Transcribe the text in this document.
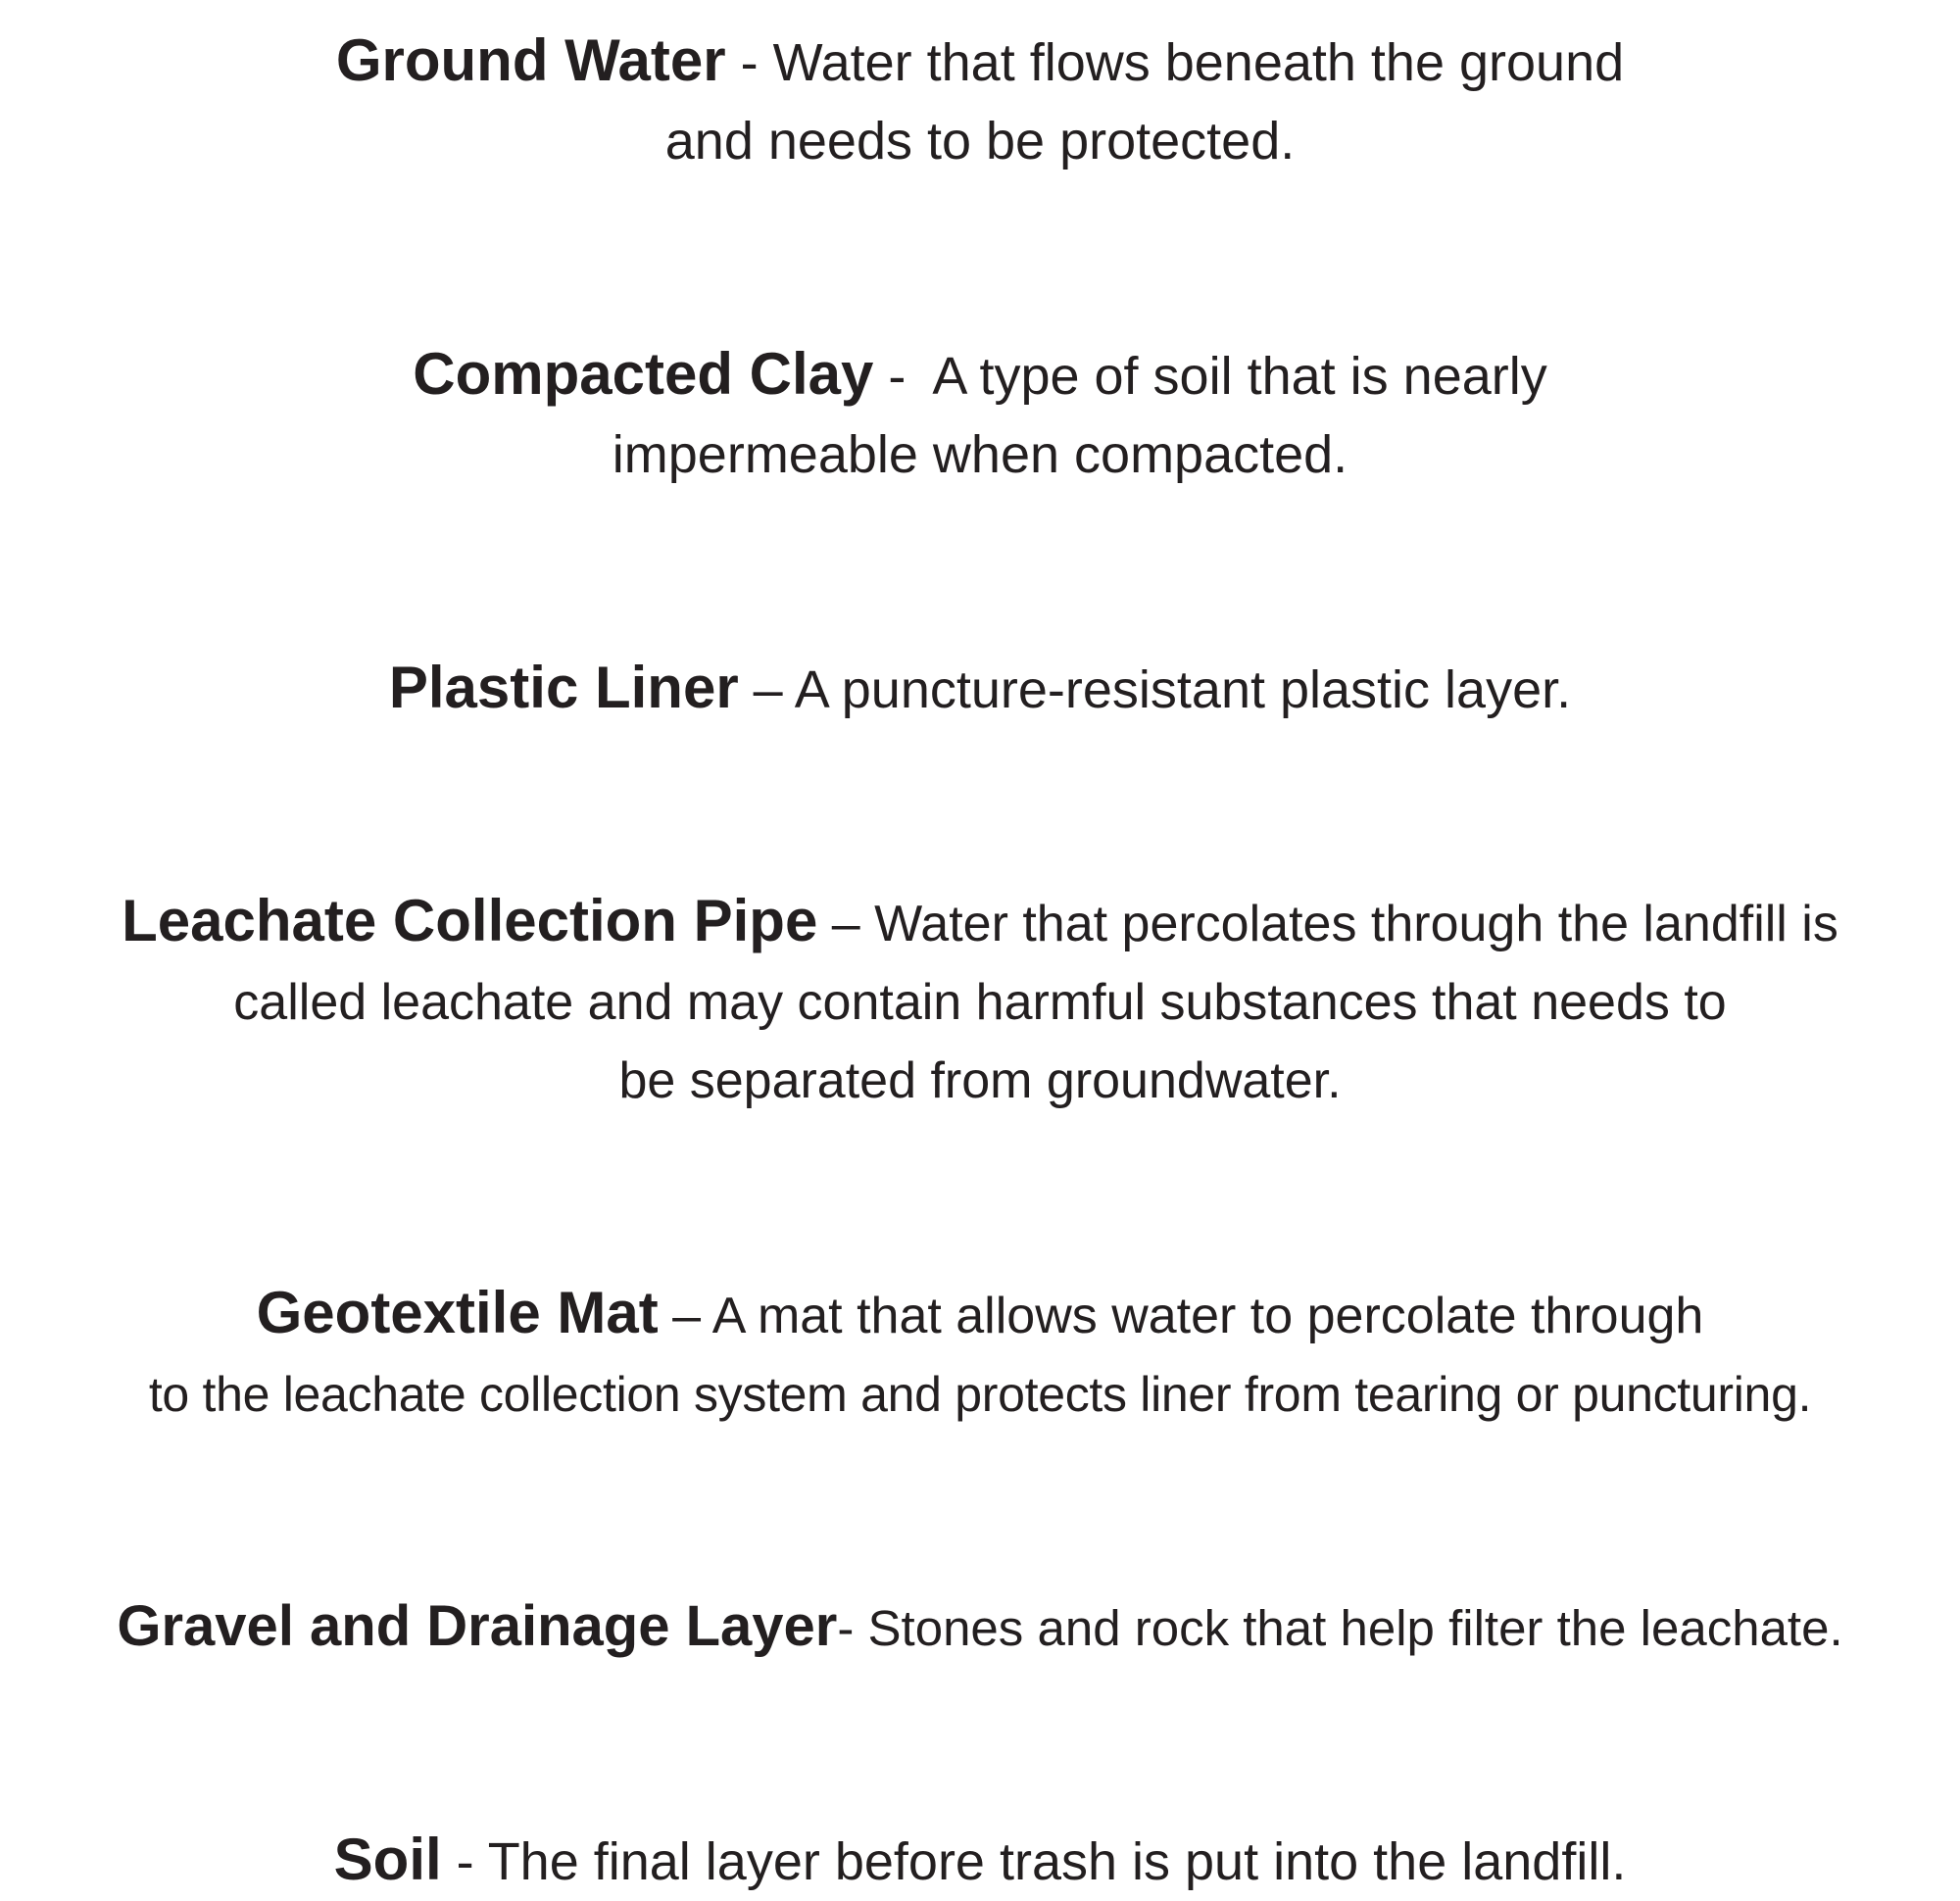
Ground Water - Water that flows beneath the ground
and needs to be protected.
Compacted Clay -  A type of soil that is nearly
impermeable when compacted.
Plastic Liner – A puncture-resistant plastic layer.
Leachate Collection Pipe – Water that percolates through the landfill is
called leachate and may contain harmful substances that needs to
be separated from groundwater.
Geotextile Mat – A mat that allows water to percolate through
to the leachate collection system and protects liner from tearing or puncturing.
Gravel and Drainage Layer- Stones and rock that help filter the leachate.
Soil - The final layer before trash is put into the landfill.
